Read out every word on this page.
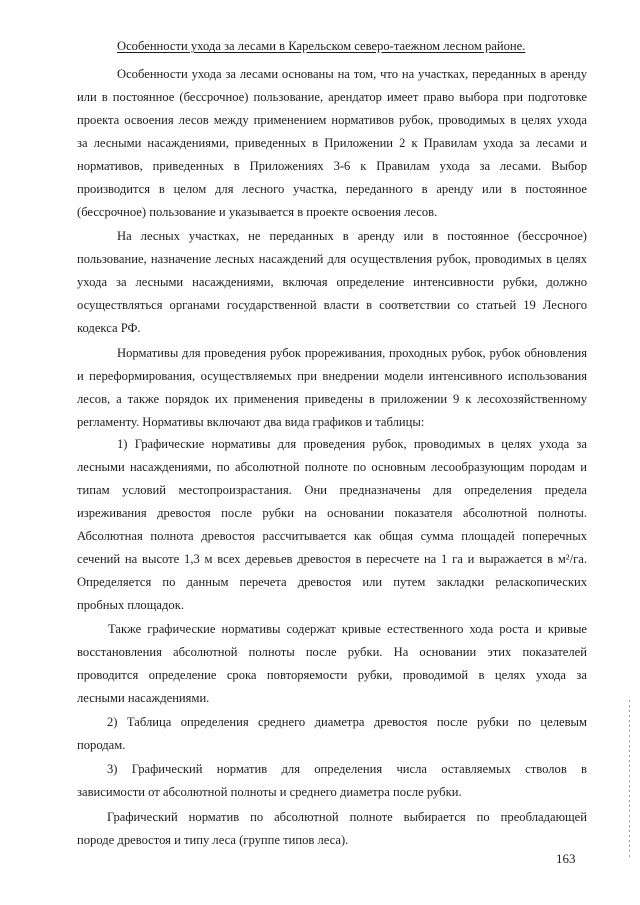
Особенности ухода за лесами в Карельском северо-таежном лесном районе.
Особенности ухода за лесами основаны на том, что на участках, переданных в аренду
или в постоянное (бессрочное) пользование, арендатор имеет право выбора при подготовке
проекта освоения лесов между применением нормативов рубок, проводимых в целях ухода
за лесными насаждениями, приведенных в Приложении 2 к Правилам ухода за лесами и
нормативов, приведенных в Приложениях 3-6 к Правилам ухода за лесами. Выбор
производится в целом для лесного участка, переданного в аренду или в постоянное
(бессрочное) пользование и указывается в проекте освоения лесов.
На лесных участках, не переданных в аренду или в постоянное (бессрочное)
пользование, назначение лесных насаждений для осуществления рубок, проводимых в целях
ухода за лесными насаждениями, включая определение интенсивности рубки, должно
осуществляться органами государственной власти в соответствии со статьей 19 Лесного
кодекса РФ.
Нормативы для проведения рубок прореживания, проходных рубок, рубок обновления
и переформирования, осуществляемых при внедрении модели интенсивного использования
лесов, а также порядок их применения приведены в приложении 9 к лесохозяйственному
регламенту. Нормативы включают два вида графиков и таблицы:
1) Графические нормативы для проведения рубок, проводимых в целях ухода за
лесными насаждениями, по абсолютной полноте по основным лесообразующим породам и
типам условий местопроизрастания. Они предназначены для определения предела
изреживания древостоя после рубки на основании показателя абсолютной полноты.
Абсолютная полнота древостоя рассчитывается как общая сумма площадей поперечных
сечений на высоте 1,3 м всех деревьев древостоя в пересчете на 1 га и выражается в м²/га.
Определяется по данным перечета древостоя или путем закладки реласкопических
пробных площадок.
Также графические нормативы содержат кривые естественного хода роста и кривые
восстановления абсолютной полноты после рубки. На основании этих показателей
проводится определение срока повторяемости рубки, проводимой в целях ухода за
лесными насаждениями.
2) Таблица определения среднего диаметра древостоя после рубки по целевым
породам.
3) Графический норматив для определения числа оставляемых стволов в
зависимости от абсолютной полноты и среднего диаметра после рубки.
Графический норматив по абсолютной полноте выбирается по преобладающей
породе древостоя и типу леса (группе типов леса).
163
